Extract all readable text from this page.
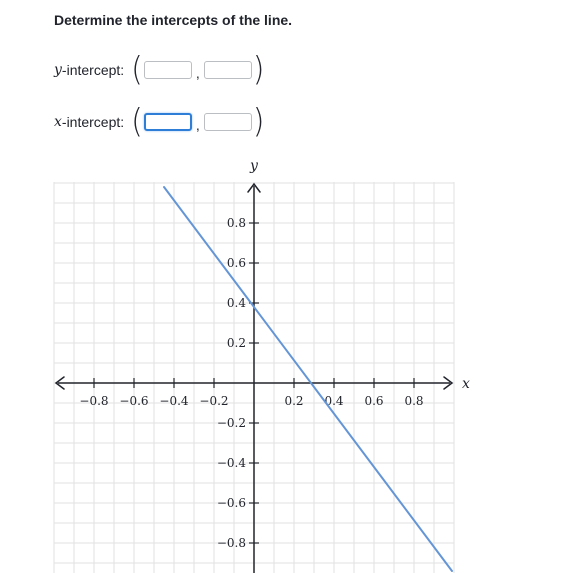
Determine the intercepts of the line.
y -intercept: (	, )
x -intercept: (	, )
−0.8 −0.6 −0.4 −0.2	0.2 0.4 0.6 0.8
0.8
0.6
0.4
0.2
−0.2
−0.4
−0.6
−0.8
x
y
